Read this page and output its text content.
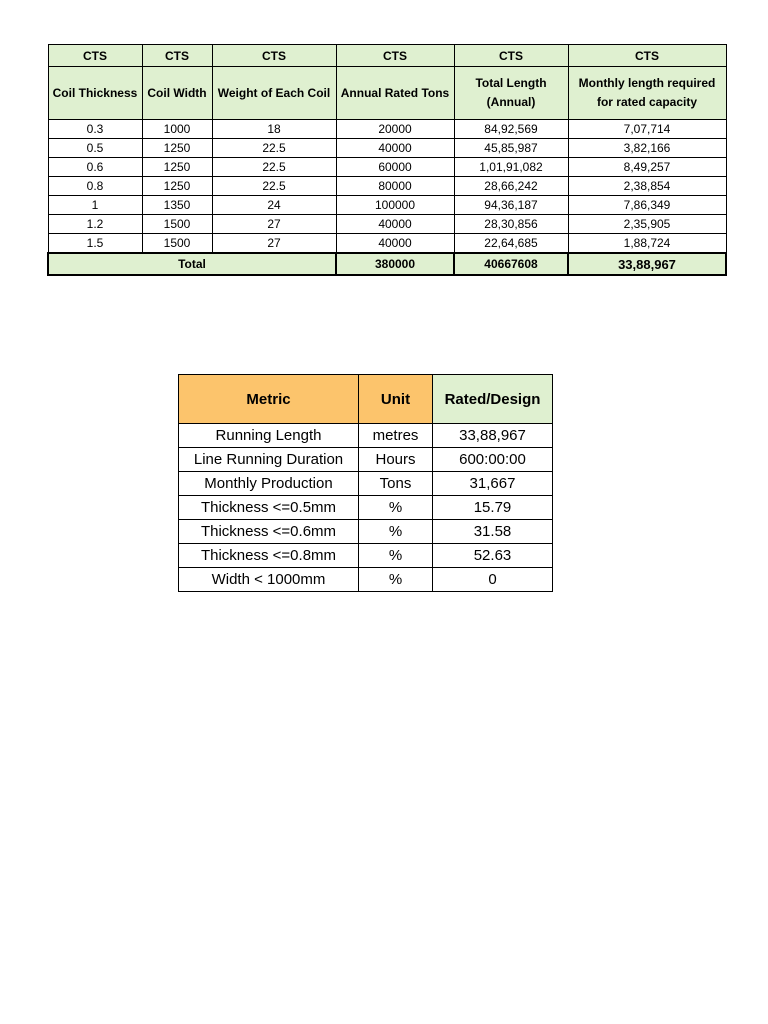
CTS	CTS	CTS	CTS	CTS	CTS
Coil Thickness	Coil Width	Weight of Each Coil	Annual Rated Tons	Total Length (Annual)	Monthly length required for rated capacity
0.3	1000	18	20000	84,92,569	7,07,714
0.5	1250	22.5	40000	45,85,987	3,82,166
0.6	1250	22.5	60000	1,01,91,082	8,49,257
0.8	1250	22.5	80000	28,66,242	2,38,854
1	1350	24	100000	94,36,187	7,86,349
1.2	1500	27	40000	28,30,856	2,35,905
1.5	1500	27	40000	22,64,685	1,88,724
Total			380000	40667608	33,88,967
Metric	Unit	Rated/Design
Running Length	metres	33,88,967
Line Running Duration	Hours	600:00:00
Monthly Production	Tons	31,667
Thickness <=0.5mm	%	15.79
Thickness <=0.6mm	%	31.58
Thickness <=0.8mm	%	52.63
Width < 1000mm	%	0
